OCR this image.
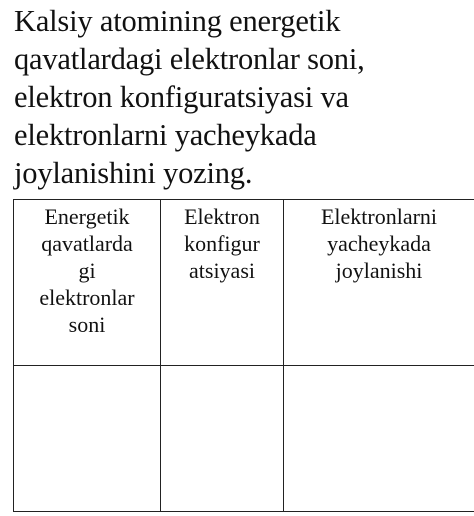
Kalsiy atomining energetik
qavatlardagi elektronlar soni,
elektron konfiguratsiyasi va
elektronlarni yacheykada
joylanishini yozing.
Energetik
qavatlarda
gi
elektronlar
soni	Elektron
konfigur
atsiyasi	Elektronlarni
yacheykada
joylanishi
